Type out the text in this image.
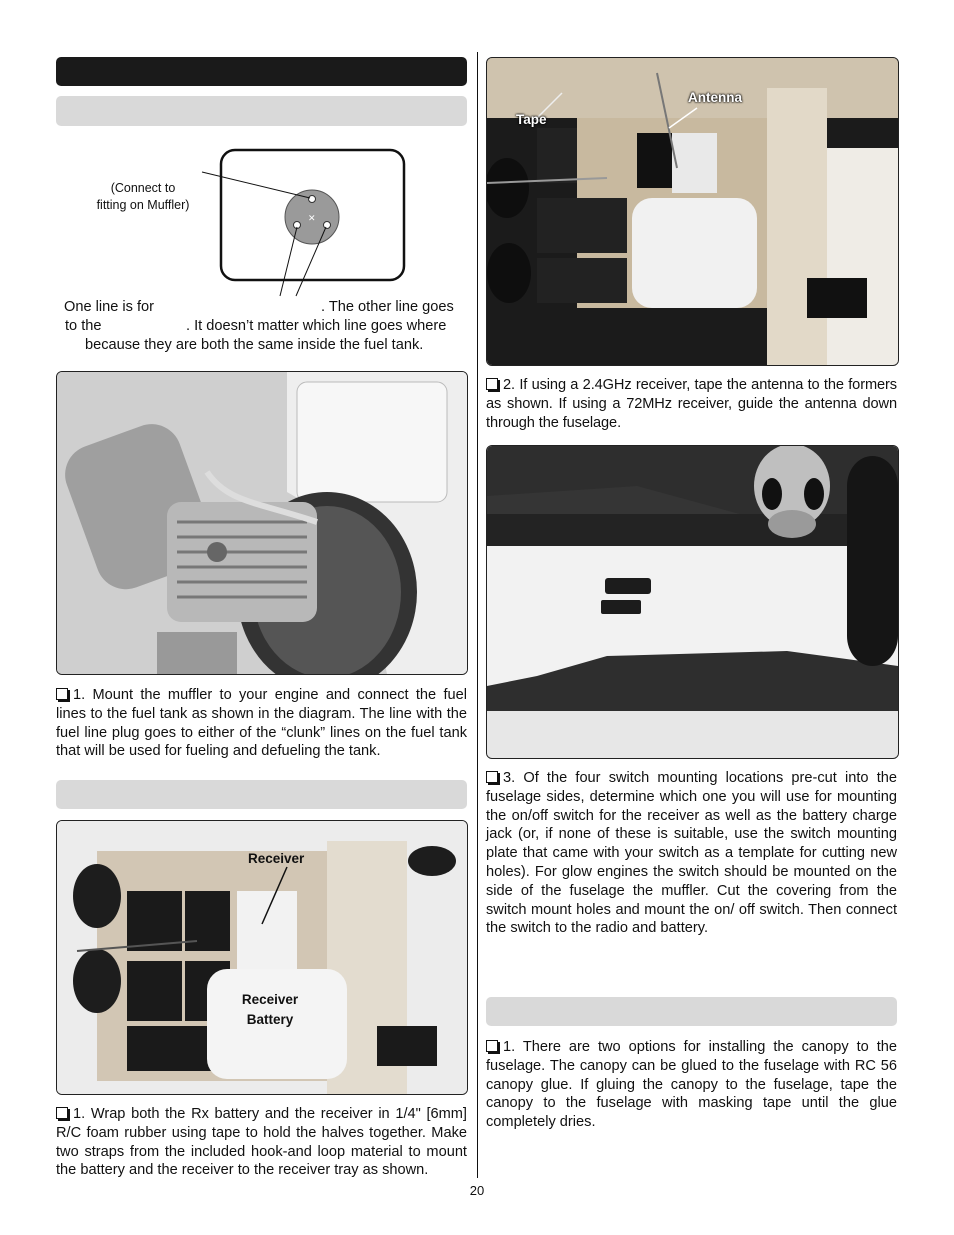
✕
(Connect to
fitting on Muffler)
One line is for	. The other line goes
to the	. It doesn’t matter which line goes where
because they are both the same inside the fuel tank.
1. Mount the muffler to your engine and connect the fuel lines to the fuel tank as shown in the diagram. The line with the fuel line plug goes to either of the “clunk” lines on the fuel tank that will be used for fueling and defueling the tank.
Receiver
Receiver
Battery
1. Wrap both the Rx battery and the receiver in 1/4" [6mm] R/C foam rubber using tape to hold the halves together. Make two straps from the included hook-and loop material to mount the battery and the receiver to the receiver tray as shown.
Antenna
Tape
2. If using a 2.4GHz receiver, tape the antenna to the formers as shown. If using a 72MHz receiver, guide the antenna down through the fuselage.
3. Of the four switch mounting locations pre-cut into the fuselage sides, determine which one you will use for mounting the on/off switch for the receiver as well as the battery charge jack (or, if none of these is suitable, use the switch mounting plate that came with your switch as a template for cutting new holes). For glow engines the switch should be mounted on the side of the fuselage the muffler. Cut the covering from the switch mount holes and mount the on/ off switch. Then connect the switch to the radio and battery.
1. There are two options for installing the canopy to the fuselage. The canopy can be glued to the fuselage with RC 56 canopy glue. If gluing the canopy to the fuselage, tape the canopy to the fuselage with masking tape until the glue completely dries.
20
